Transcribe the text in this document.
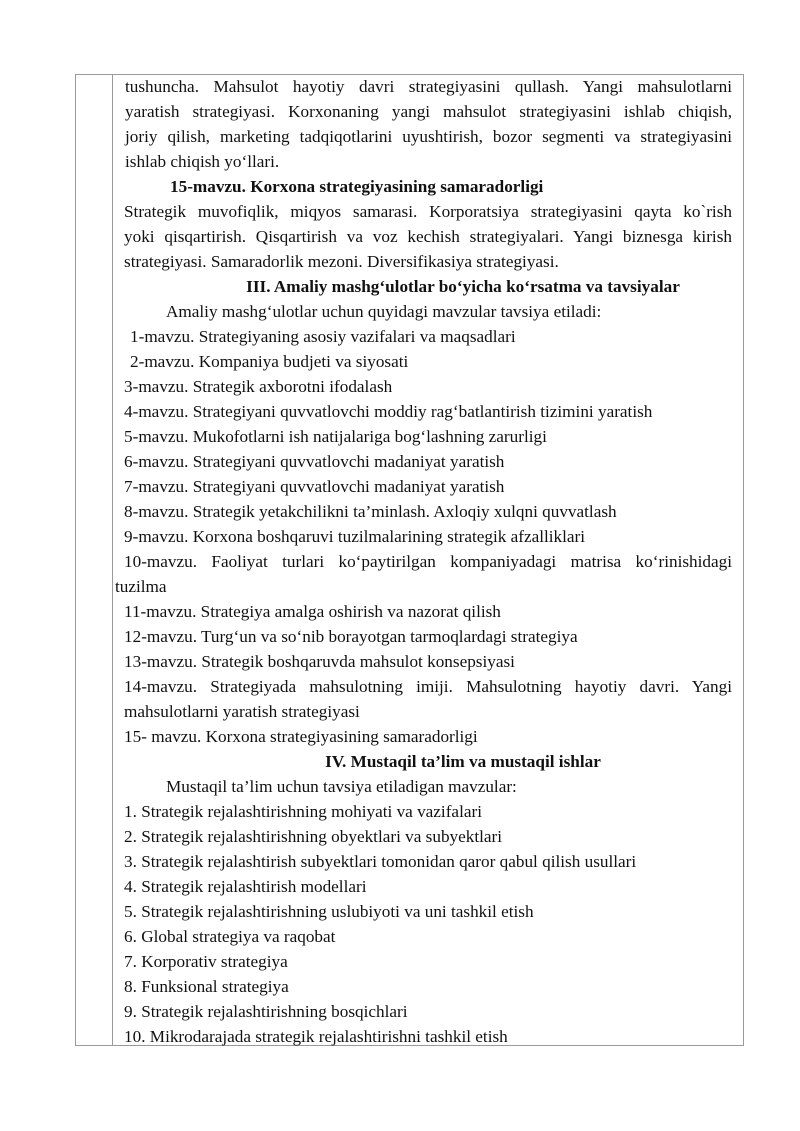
tushuncha. Mahsulot hayotiy davri strategiyasini qullash. Yangi mahsulotlarni
yaratish strategiyasi. Korxonaning yangi mahsulot strategiyasini ishlab chiqish,
joriy qilish, marketing tadqiqotlarini uyushtirish, bozor segmenti va strategiyasini
ishlab chiqish yo‘llari.
15-mavzu. Korxona strategiyasining samaradorligi
Strategik muvofiqlik, miqyos samarasi. Korporatsiya strategiyasini qayta ko`rish
yoki qisqartirish. Qisqartirish va voz kechish strategiyalari. Yangi biznesga kirish
strategiyasi. Samaradorlik mezoni. Diversifikasiya strategiyasi.
III. Amaliy mashg‘ulotlar bo‘yicha ko‘rsatma va tavsiyalar
Amaliy mashg‘ulotlar uchun quyidagi mavzular tavsiya etiladi:
1-mavzu. Strategiyaning asosiy vazifalari va maqsadlari
2-mavzu. Kompaniya budjeti va siyosati
3-mavzu. Strategik axborotni ifodalash
4-mavzu. Strategiyani quvvatlovchi moddiy rag‘batlantirish tizimini yaratish
5-mavzu. Mukofotlarni ish natijalariga bog‘lashning zarurligi
6-mavzu. Strategiyani quvvatlovchi madaniyat yaratish
7-mavzu. Strategiyani quvvatlovchi madaniyat yaratish
8-mavzu. Strategik yetakchilikni ta’minlash. Axloqiy xulqni quvvatlash
9-mavzu. Korxona boshqaruvi tuzilmalarining strategik afzalliklari
10-mavzu. Faoliyat turlari ko‘paytirilgan kompaniyadagi matrisa ko‘rinishidagi
tuzilma
11-mavzu. Strategiya amalga oshirish va nazorat qilish
12-mavzu. Turg‘un va so‘nib borayotgan tarmoqlardagi strategiya
13-mavzu. Strategik boshqaruvda mahsulot konsepsiyasi
14-mavzu. Strategiyada mahsulotning imiji. Mahsulotning hayotiy davri. Yangi
mahsulotlarni yaratish strategiyasi
15- mavzu. Korxona strategiyasining samaradorligi
IV. Mustaqil ta’lim va mustaqil ishlar
Mustaqil ta’lim uchun tavsiya etiladigan mavzular:
1. Strategik rejalashtirishning mohiyati va vazifalari
2. Strategik rejalashtirishning obyektlari va subyektlari
3. Strategik rejalashtirish subyektlari tomonidan qaror qabul qilish usullari
4. Strategik rejalashtirish modellari
5. Strategik rejalashtirishning uslubiyoti va uni tashkil etish
6. Global strategiya va raqobat
7. Korporativ strategiya
8. Funksional strategiya
9. Strategik rejalashtirishning bosqichlari
10. Mikrodarajada strategik rejalashtirishni tashkil etish
